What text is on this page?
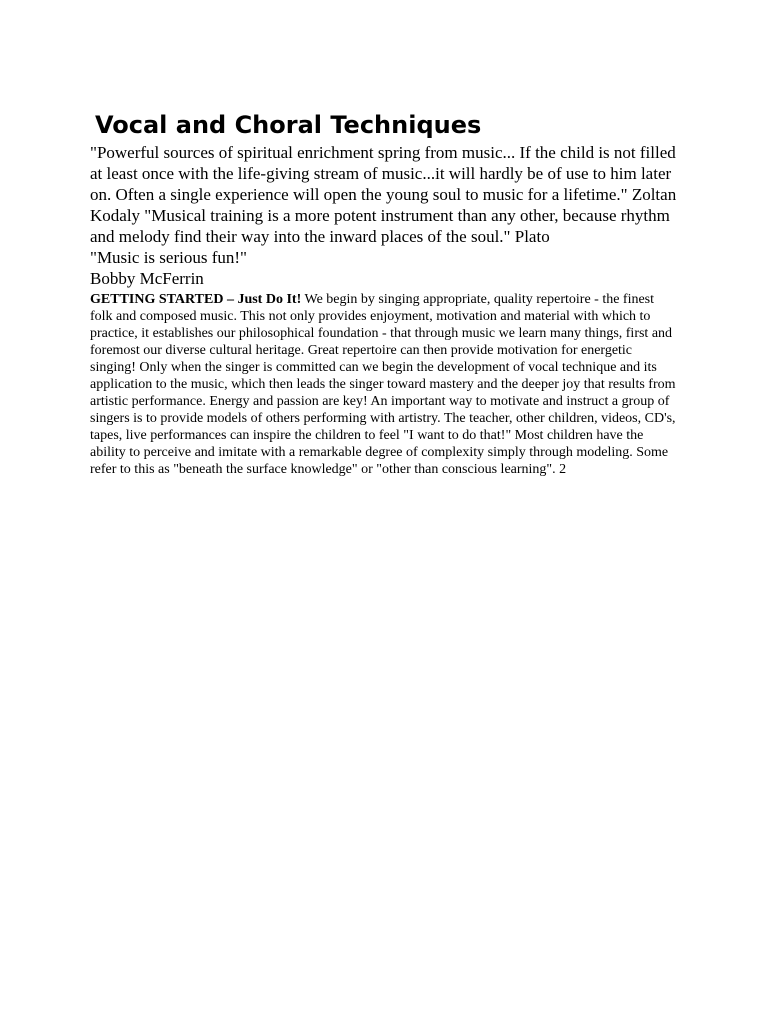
Vocal and Choral Techniques

"Powerful sources of spiritual enrichment spring from music... If the child is not filled at least once with the life-giving stream of music...it will hardly be of use to him later on. Often a single experience will open the young soul to music for a lifetime." Zoltan Kodaly "Musical training is a more potent instrument than any other, because rhythm and melody find their way into the inward places of the soul." Plato

"Music is serious fun!"

Bobby McFerrin

GETTING STARTED – Just Do It! We begin by singing appropriate, quality repertoire - the finest folk and composed music. This not only provides enjoyment, motivation and material with which to practice, it establishes our philosophical foundation - that through music we learn many things, first and foremost our diverse cultural heritage. Great repertoire can then provide motivation for energetic singing! Only when the singer is committed can we begin the development of vocal technique and its application to the music, which then leads the singer toward mastery and the deeper joy that results from artistic performance. Energy and passion are key! An important way to motivate and instruct a group of singers is to provide models of others performing with artistry. The teacher, other children, videos, CD's, tapes, live performances can inspire the children to feel "I want to do that!" Most children have the ability to perceive and imitate with a remarkable degree of complexity simply through modeling. Some refer to this as "beneath the surface knowledge" or "other than conscious learning". 2
